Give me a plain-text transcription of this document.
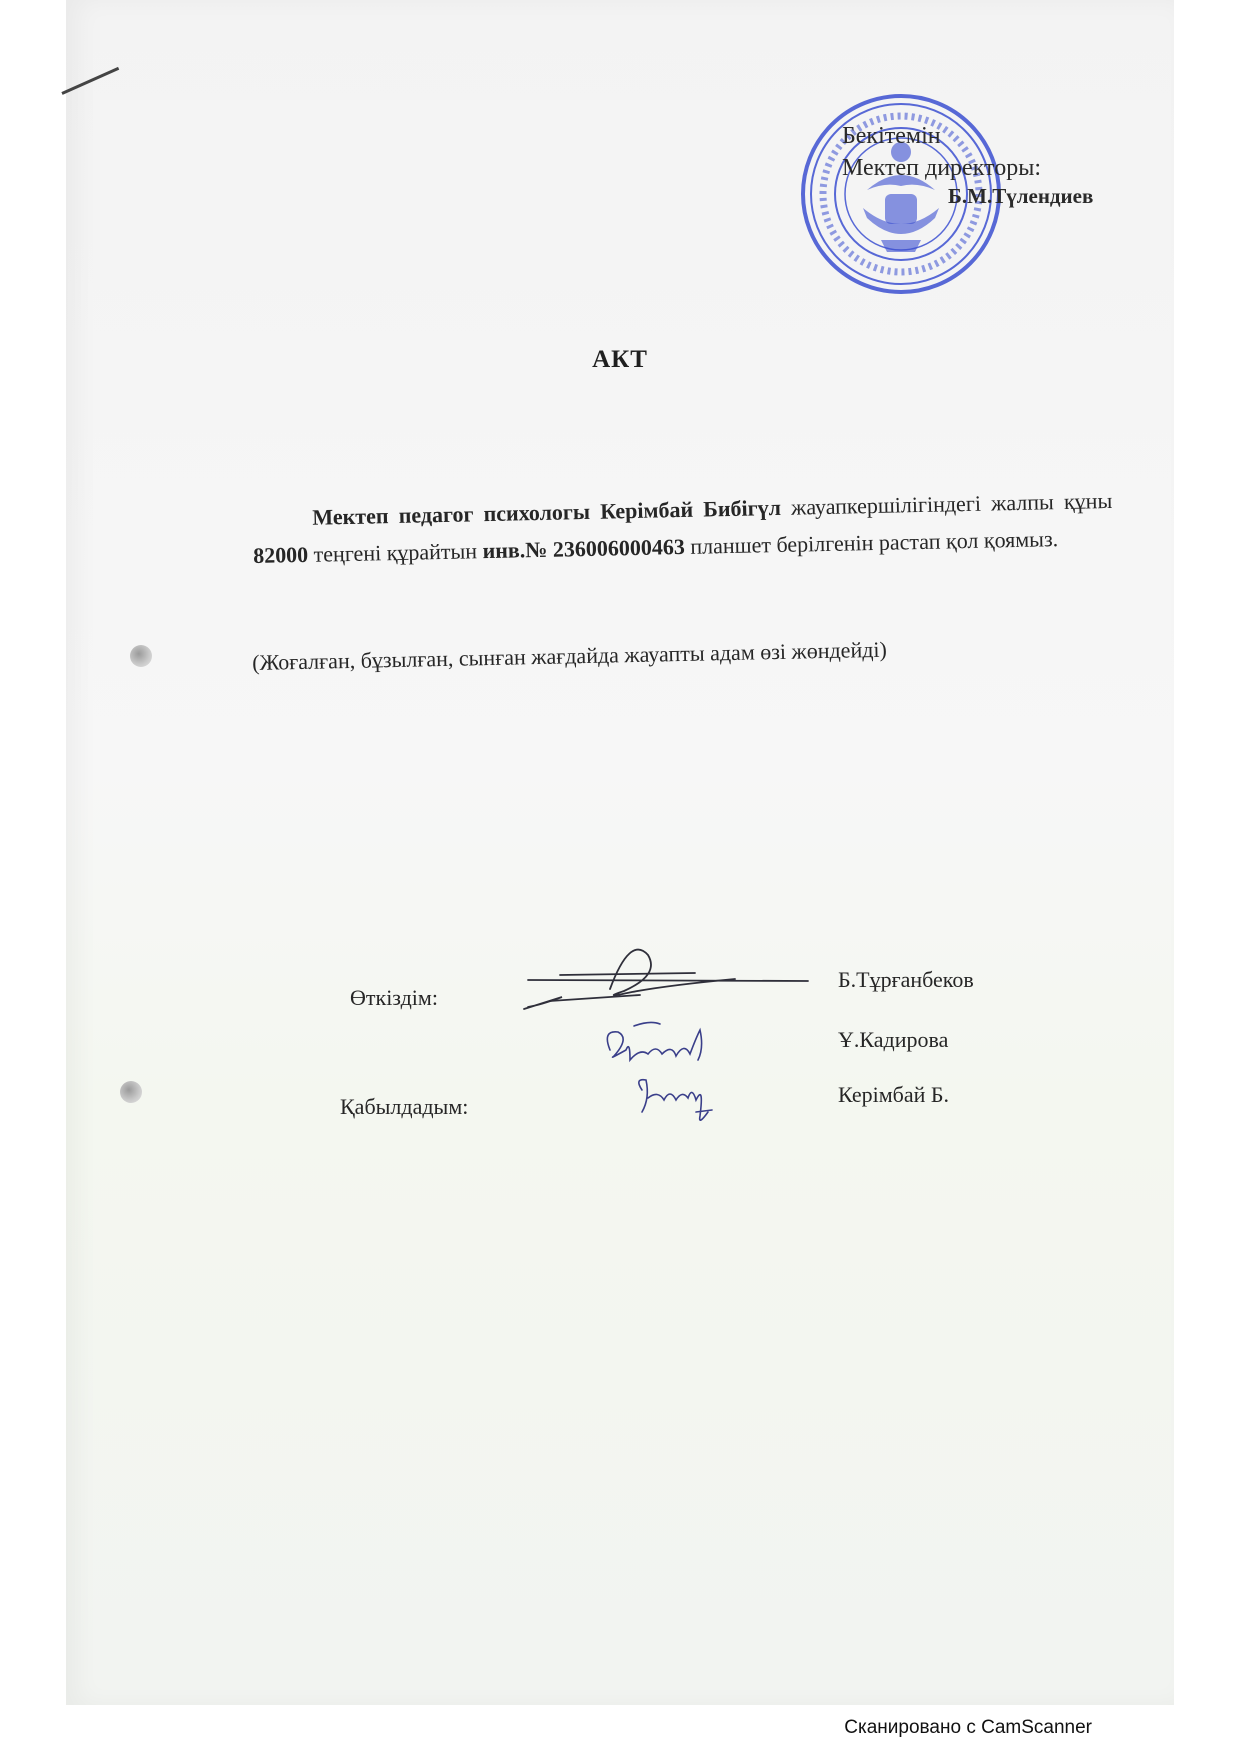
Бекітемін
Мектеп директоры:
Б.М.Түлендиев
АКТ
Мектеп педагог психологы Керімбай Бибігүл жауапкершілігіндегі жалпы құны 82000 теңгені құрайтын инв.№ 236006000463 планшет берілгенін растап қол қоямыз.
(Жоғалған, бұзылған, сынған жағдайда жауапты адам өзі жөндейді)
Өткіздім:
Қабылдадым:
Б.Тұрғанбеков
Ұ.Кадирова
Керімбай Б.
Сканировано с CamScanner
